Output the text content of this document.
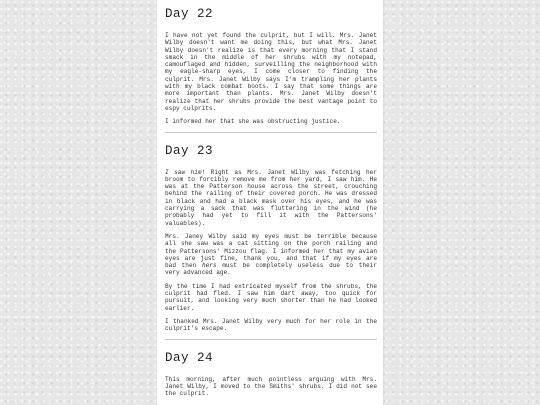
Day 22

I have not yet found the culprit, but I will. Mrs. Janet Wilby doesn't want me doing this, but what Mrs. Janet Wilby doesn't realize is that every morning that I stand smack in the middle of her shrubs with my notepad, camouflaged and hidden, surveilling the neighborhood with my eagle-sharp eyes, I come closer to finding the culprit. Mrs. Janet Wilby says I'm trampling her plants with my black combat boots. I say that some things are more important than plants. Mrs. Janet Wilby doesn't realize that her shrubs provide the best vantage point to espy culprits.

I informed her that she was obstructing justice.

Day 23

I saw him! Right as Mrs. Janet Wilby was fetching her broom to forcibly remove me from her yard, I saw him. He was at the Patterson house across the street, crouching behind the railing of their covered porch. He was dressed in black and had a black mask over his eyes, and he was carrying a sack that was fluttering in the wind (he probably had yet to fill it with the Pattersons' valuables).

Mrs. Janey Wilby said my eyes must be terrible because all she saw was a cat sitting on the porch railing and the Pattersons' Mizzou flag. I informed her that my avian eyes are just fine, thank you, and that if my eyes are bad then hers must be completely useless due to their very advanced age.

By the time I had extricated myself from the shrubs, the culprit had fled. I saw him dart away, too quick for pursuit, and looking very much shorter than he had looked earlier.

I thanked Mrs. Janet Wilby very much for her role in the culprit's escape.

Day 24

This morning, after much pointless arguing with Mrs. Janet Wilby, I moved to the Smiths' shrubs. I did not see the culprit.
